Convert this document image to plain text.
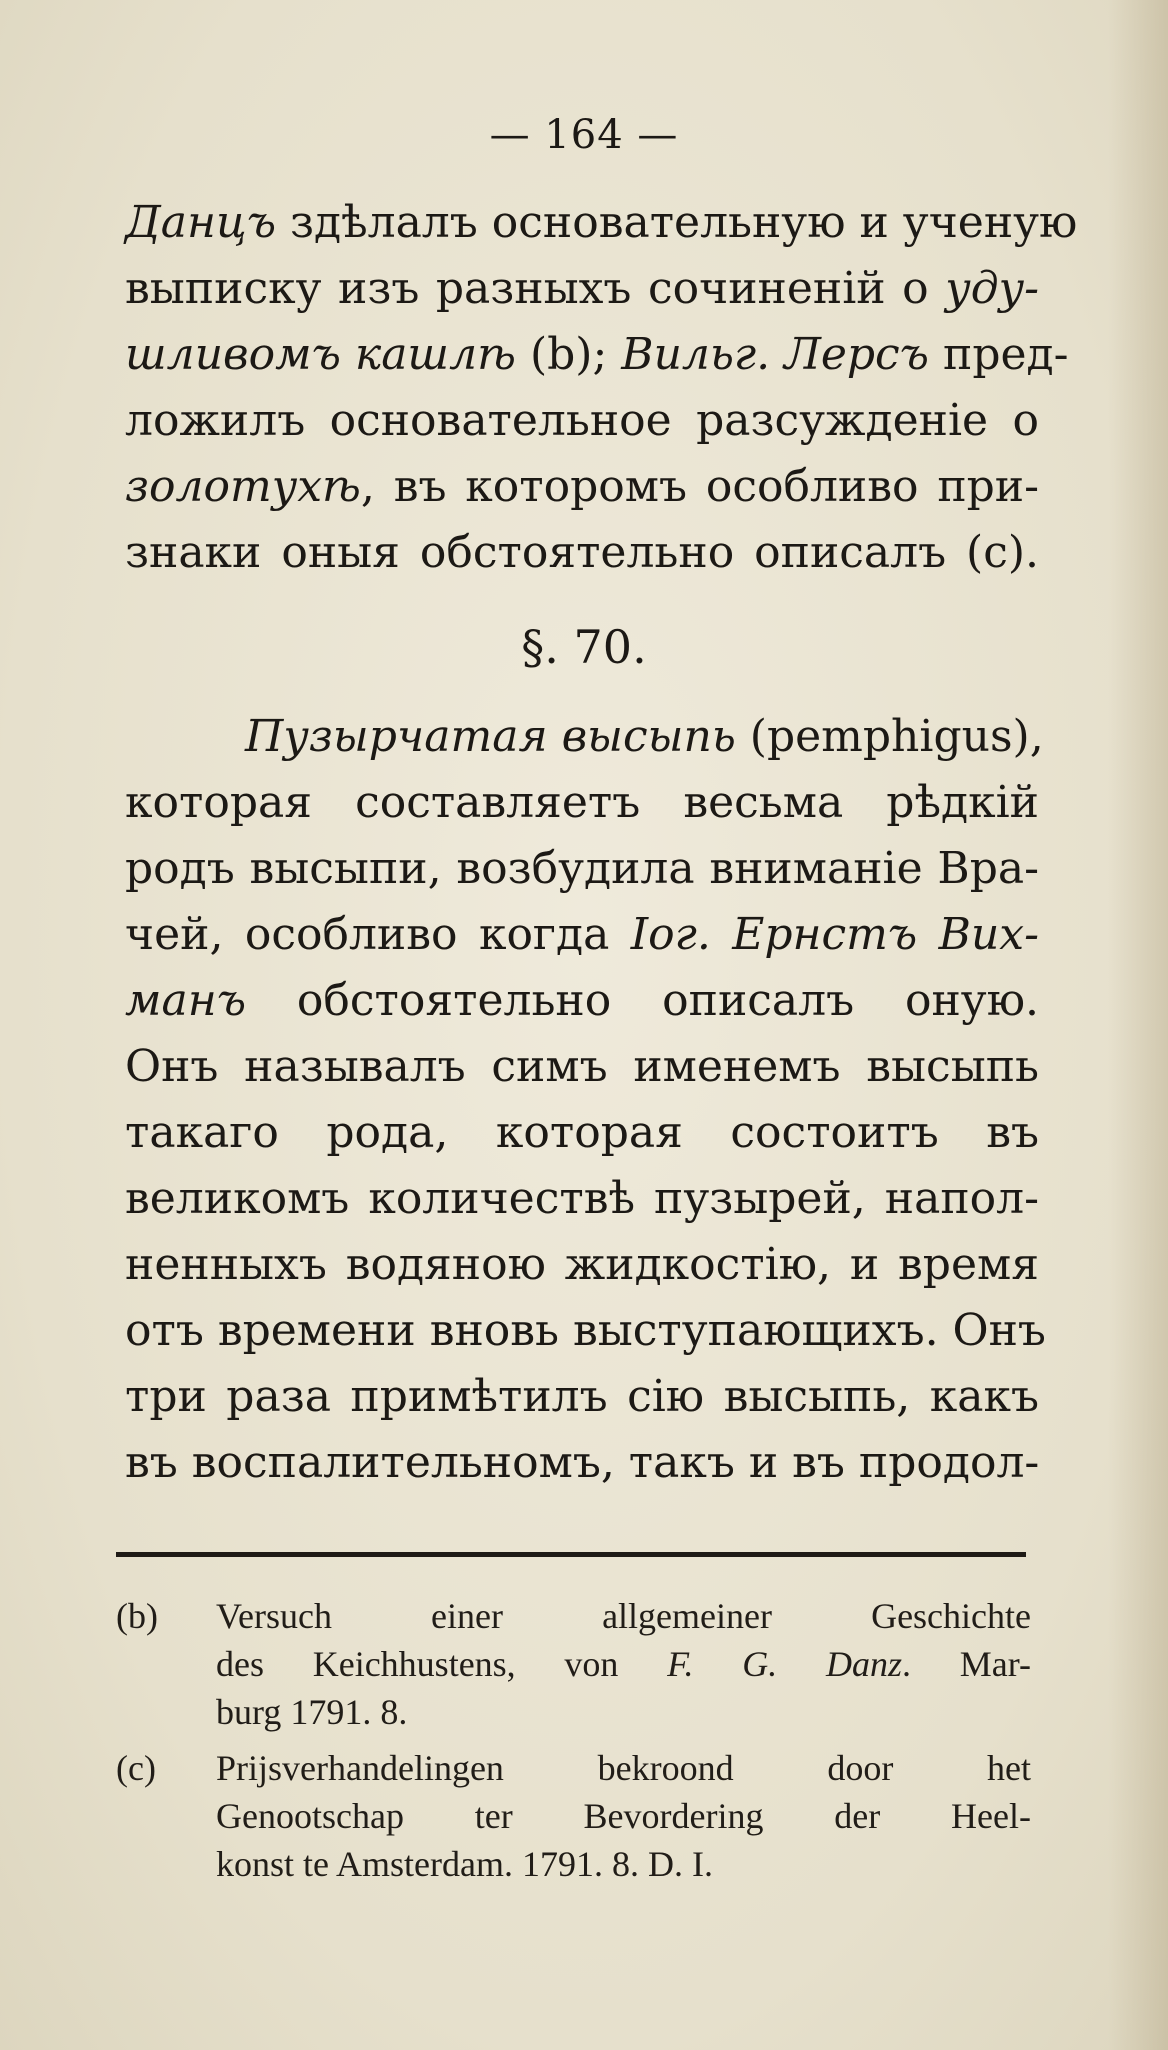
— 164 —
Данцъ здѣлалъ основательную и ученую
выписку изъ разныхъ сочиненій о уду-
шливомъ кашлѣ (b); Вильг. Лерсъ пред-
ложилъ основательное разсужденіе о
золотухѣ, въ которомъ особливо при-
знаки оныя обстоятельно описалъ (c).
§. 70.
Пузырчатая высыпь (pemphigus),
которая составляетъ весьма рѣдкій
родъ высыпи, возбудила вниманіе Вра-
чей, особливо когда Іог. Ернстъ Вих-
манъ обстоятельно описалъ оную.
Онъ называлъ симъ именемъ высыпь
такаго рода, которая состоитъ въ
великомъ количествѣ пузырей, напол-
ненныхъ водяною жидкостію, и время
отъ времени вновь выступающихъ. Онъ
три раза примѣтилъ сію высыпь, какъ
въ воспалительномъ, такъ и въ продол-
(b) Versuch einer allgemeiner Geschichte
des Keichhustens, von F. G. Danz. Mar-
burg 1791. 8.
(c) Prijsverhandelingen bekroond door het
Genootschap ter Bevordering der Heel-
konst te Amsterdam. 1791. 8. D. I.
